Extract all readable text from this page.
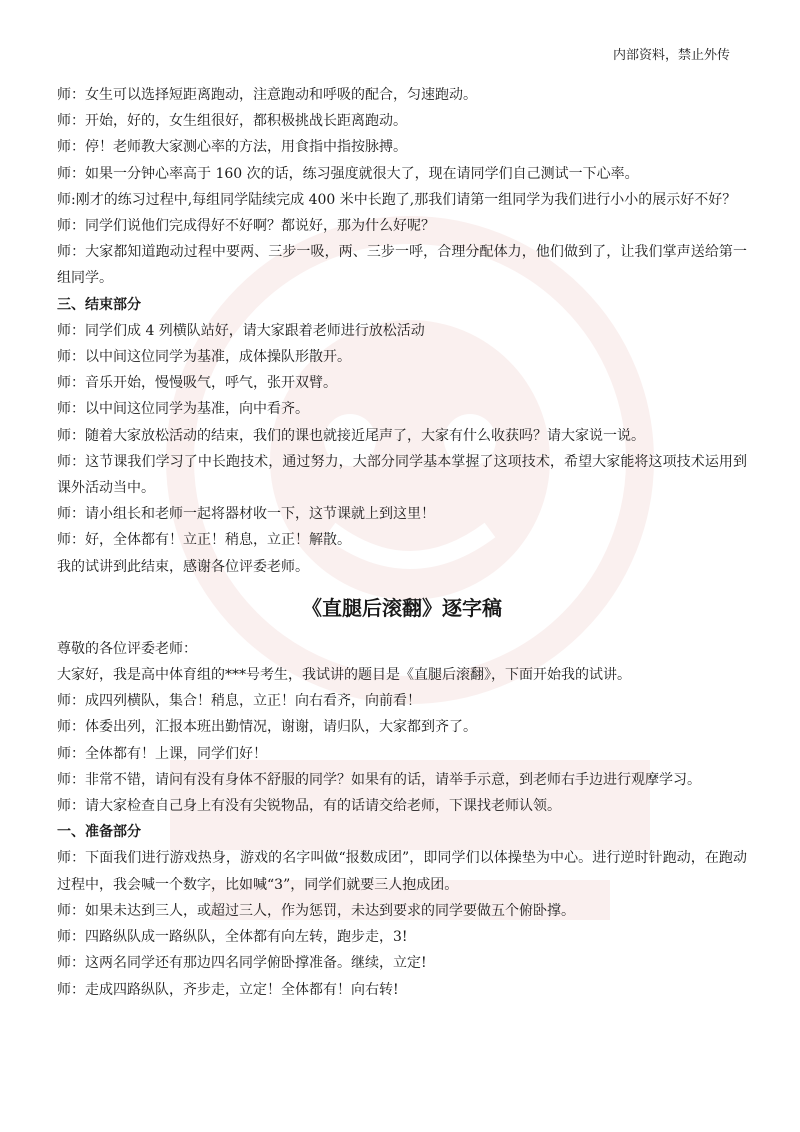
内部资料，禁止外传

师：女生可以选择短距离跑动，注意跑动和呼吸的配合，匀速跑动。

师：开始，好的，女生组很好，都积极挑战长距离跑动。

师：停！老师教大家测心率的方法，用食指中指按脉搏。

师：如果一分钟心率高于 160 次的话，练习强度就很大了，现在请同学们自己测试一下心率。

师:刚才的练习过程中,每组同学陆续完成 400 米中长跑了,那我们请第一组同学为我们进行小小的展示好不好？

师：同学们说他们完成得好不好啊？都说好，那为什么好呢？

师：大家都知道跑动过程中要两、三步一吸，两、三步一呼，合理分配体力，他们做到了，让我们掌声送给第一组同学。

三、结束部分

师：同学们成 4 列横队站好，请大家跟着老师进行放松活动

师：以中间这位同学为基准，成体操队形散开。

师：音乐开始，慢慢吸气，呼气，张开双臂。

师：以中间这位同学为基准，向中看齐。

师：随着大家放松活动的结束，我们的课也就接近尾声了，大家有什么收获吗？请大家说一说。

师：这节课我们学习了中长跑技术，通过努力，大部分同学基本掌握了这项技术，希望大家能将这项技术运用到课外活动当中。

师：请小组长和老师一起将器材收一下，这节课就上到这里！

师：好，全体都有！立正！稍息，立正！解散。

我的试讲到此结束，感谢各位评委老师。

《直腿后滚翻》逐字稿

尊敬的各位评委老师：

大家好，我是高中体育组的***号考生，我试讲的题目是《直腿后滚翻》，下面开始我的试讲。

师：成四列横队，集合！稍息，立正！向右看齐，向前看！

师：体委出列，汇报本班出勤情况，谢谢，请归队，大家都到齐了。

师：全体都有！上课，同学们好！

师：非常不错，请问有没有身体不舒服的同学？如果有的话，请举手示意，到老师右手边进行观摩学习。

师：请大家检查自己身上有没有尖锐物品，有的话请交给老师，下课找老师认领。

一、准备部分

师：下面我们进行游戏热身，游戏的名字叫做“报数成团”，即同学们以体操垫为中心。进行逆时针跑动，在跑动过程中，我会喊一个数字，比如喊“3”，同学们就要三人抱成团。

师：如果未达到三人，或超过三人，作为惩罚，未达到要求的同学要做五个俯卧撑。

师：四路纵队成一路纵队，全体都有向左转，跑步走，3!

师：这两名同学还有那边四名同学俯卧撑准备。继续，立定!

师：走成四路纵队，齐步走，立定！全体都有！向右转!
